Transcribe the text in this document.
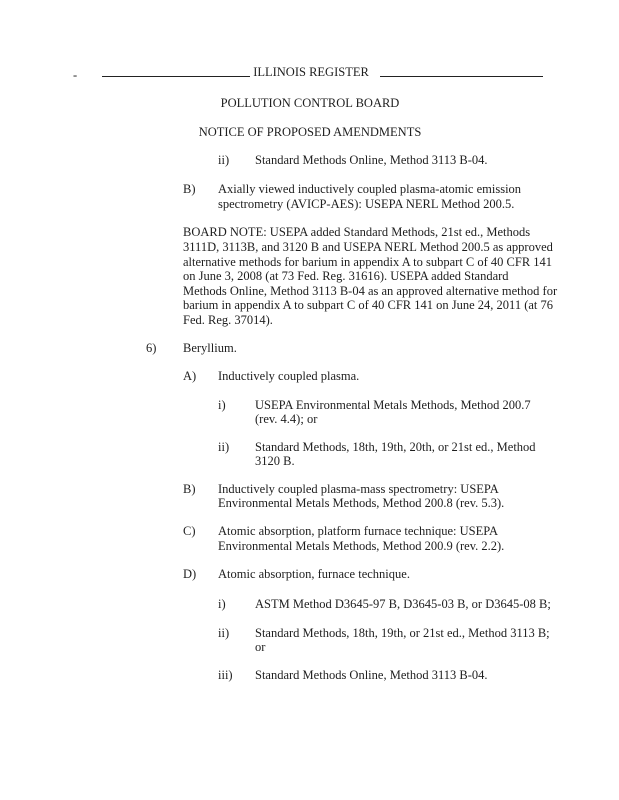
-	ILLINOIS REGISTER
POLLUTION CONTROL BOARD
NOTICE OF PROPOSED AMENDMENTS
ii) Standard Methods Online, Method 3113 B-04.
B) Axially viewed inductively coupled plasma-atomic emission
spectrometry (AVICP-AES): USEPA NERL Method 200.5.
BOARD NOTE: USEPA added Standard Methods, 21st ed., Methods
3111D, 3113B, and 3120 B and USEPA NERL Method 200.5 as approved
alternative methods for barium in appendix A to subpart C of 40 CFR 141
on June 3, 2008 (at 73 Fed. Reg. 31616). USEPA added Standard
Methods Online, Method 3113 B-04 as an approved alternative method for
barium in appendix A to subpart C of 40 CFR 141 on June 24, 2011 (at 76
Fed. Reg. 37014).
6) Beryllium.
A) Inductively coupled plasma.
i) USEPA Environmental Metals Methods, Method 200.7
(rev. 4.4); or
ii) Standard Methods, 18th, 19th, 20th, or 21st ed., Method
3120 B.
B) Inductively coupled plasma-mass spectrometry: USEPA
Environmental Metals Methods, Method 200.8 (rev. 5.3).
C) Atomic absorption, platform furnace technique: USEPA
Environmental Metals Methods, Method 200.9 (rev. 2.2).
D) Atomic absorption, furnace technique.
i) ASTM Method D3645-97 B, D3645-03 B, or D3645-08 B;
ii) Standard Methods, 18th, 19th, or 21st ed., Method 3113 B;
or
iii) Standard Methods Online, Method 3113 B-04.
